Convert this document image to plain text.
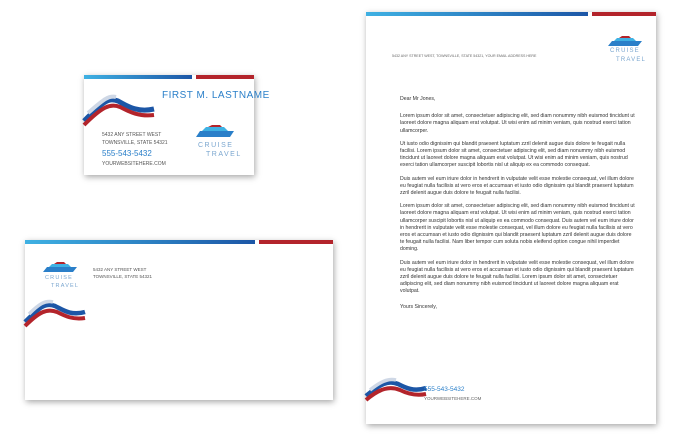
FIRST M. LASTNAME
5432 ANY STREET WEST
TOWNSVILLE, STATE 54321
555-543-5432
YOURWEBSITEHERE.COM
CRUISE
TRAVEL
CRUISE
TRAVEL
5432 ANY STREET WEST
TOWNSVILLE, STATE 54321
CRUISE
TRAVEL
5432 ANY STREET WEST, TOWNSVILLE, STATE 54321, YOUR EMAIL ADDRESS HERE

Dear Mr Jones,

Lorem ipsum dolor sit amet, consectetuer adipiscing elit, sed diam nonummy nibh euismod tincidunt ut laoreet dolore magna aliquam erat volutpat. Ut wisi enim ad minim veniam, quis nostrud exerci tation ullamcorper.

Ut iusto odio dignissim qui blandit praesent luptatum zzril delenit augue duis dolore te feugait nulla facilisi. Lorem ipsum dolor sit amet, consectetuer adipiscing elit, sed diam nonummy nibh euismod tincidunt ut laoreet dolore magna aliquam erat volutpat. Ut wisi enim ad minim veniam, quis nostrud exerci tation ullamcorper suscipit lobortis nisl ut aliquip ex ea commodo consequat.

Duis autem vel eum iriure dolor in hendrerit in vulputate velit esse molestie consequat, vel illum dolore eu feugiat nulla facilisis at vero eros et accumsan et iusto odio dignissim qui blandit praesent luptatum zzril delenit augue duis dolore te feugait nulla facilisi.

Lorem ipsum dolor sit amet, consectetuer adipiscing elit, sed diam nonummy nibh euismod tincidunt ut laoreet dolore magna aliquam erat volutpat. Ut wisi enim ad minim veniam, quis nostrud exerci tation ullamcorper suscipit lobortis nisl ut aliquip ex ea commodo consequat. Duis autem vel eum iriure dolor in hendrerit in vulputate velit esse molestie consequat, vel illum dolore eu feugiat nulla facilisis at vero eros et accumsan et iusto odio dignissim qui blandit praesent luptatum zzril delenit augue duis dolore te feugait nulla facilisi. Nam liber tempor cum soluta nobis eleifend option congue nihil imperdiet doming.

Duis autem vel eum iriure dolor in hendrerit in vulputate velit esse molestie consequat, vel illum dolore eu feugiat nulla facilisis at vero eros et accumsan et iusto odio dignissim qui blandit praesent luptatum zzril delenit augue duis dolore te feugait nulla facilisi. Lorem ipsum dolor sit amet, consectetuer adipiscing elit, sed diam nonummy nibh euismod tincidunt ut laoreet dolore magna aliquam erat volutpat.

Yours Sincerely,

555-543-5432
YOURWEBSITEHERE.COM
